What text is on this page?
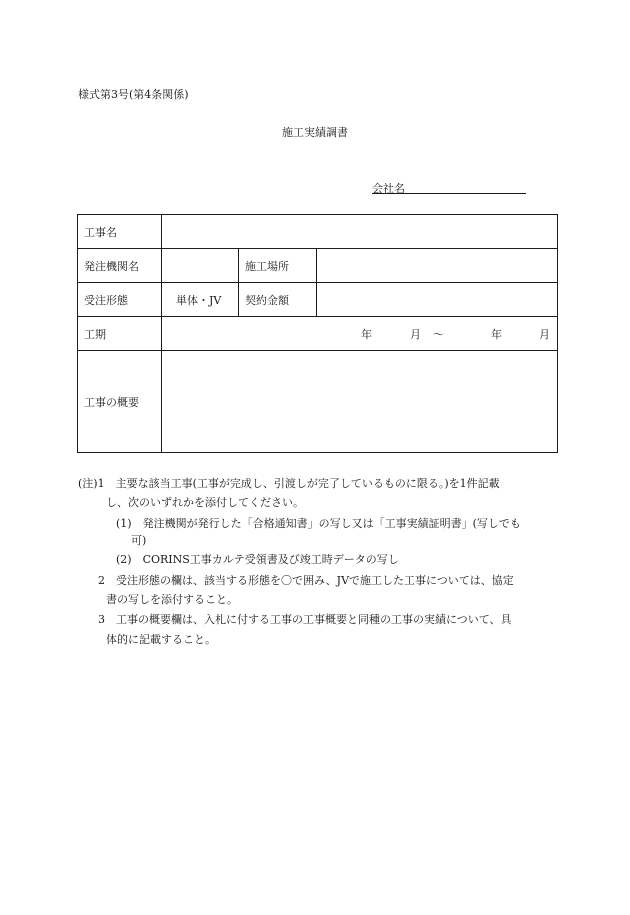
様式第3号(第4条関係)
施工実績調書
会社名
工事名			
発注機関名		施工場所	
受注形態	単体・JV	契約金額	
工期	年 月 〜 年 月		

工事の概要			
(注)1　主要な該当工事(工事が完成し、引渡しが完了しているものに限る。)を1件記載
し、次のいずれかを添付してください。
(1)　発注機関が発行した「合格通知書」の写し又は「工事実績証明書」(写しでも
可)
(2)　CORINS工事カルテ受領書及び竣工時データの写し
2　受注形態の欄は、該当する形態を〇で囲み、JVで施工した工事については、協定
書の写しを添付すること。
3　工事の概要欄は、入札に付する工事の工事概要と同種の工事の実績について、具
体的に記載すること。
